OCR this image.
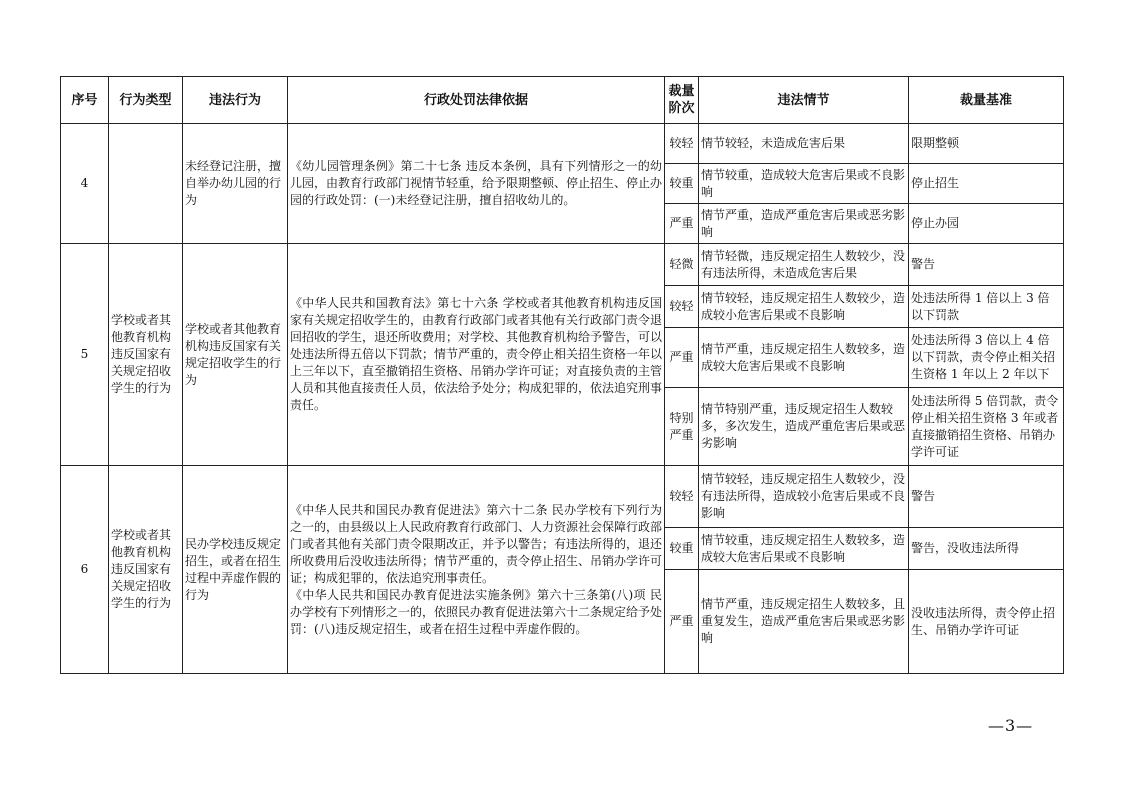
序号	行为类型	违法行为	行政处罚法律依据	裁量阶次	违法情节	裁量基准
4		未经登记注册，擅自举办幼儿园的行为	《幼儿园管理条例》第二十七条 违反本条例，具有下列情形之一的幼儿园，由教育行政部门视情节轻重，给予限期整顿、停止招生、停止办园的行政处罚：(一)未经登记注册，擅自招收幼儿的。	较轻	情节较轻，未造成危害后果	限期整顿
				较重	情节较重，造成较大危害后果或不良影响	停止招生
				严重	情节严重，造成严重危害后果或恶劣影响	停止办园
5	学校或者其他教育机构违反国家有关规定招收学生的行为	学校或者其他教育机构违反国家有关规定招收学生的行为	《中华人民共和国教育法》第七十六条 学校或者其他教育机构违反国家有关规定招收学生的，由教育行政部门或者其他有关行政部门责令退回招收的学生，退还所收费用；对学校、其他教育机构给予警告，可以处违法所得五倍以下罚款；情节严重的，责令停止相关招生资格一年以上三年以下，直至撤销招生资格、吊销办学许可证；对直接负责的主管人员和其他直接责任人员，依法给予处分；构成犯罪的，依法追究刑事责任。	轻微	情节轻微，违反规定招生人数较少，没有违法所得，未造成危害后果	警告
				较轻	情节较轻，违反规定招生人数较少，造成较小危害后果或不良影响	处违法所得 1 倍以上 3 倍以下罚款
				严重	情节严重，违反规定招生人数较多，造成较大危害后果或不良影响	处违法所得 3 倍以上 4 倍以下罚款，责令停止相关招生资格 1 年以上 2 年以下
				特别严重	情节特别严重，违反规定招生人数较多，多次发生，造成严重危害后果或恶劣影响	处违法所得 5 倍罚款，责令停止相关招生资格 3 年或者直接撤销招生资格、吊销办学许可证
6	学校或者其他教育机构违反国家有关规定招收学生的行为	民办学校违反规定招生，或者在招生过程中弄虚作假的行为	《中华人民共和国民办教育促进法》第六十二条 民办学校有下列行为之一的，由县级以上人民政府教育行政部门、人力资源社会保障行政部门或者其他有关部门责令限期改正，并予以警告；有违法所得的，退还所收费用后没收违法所得；情节严重的，责令停止招生、吊销办学许可证；构成犯罪的，依法追究刑事责任。
《中华人民共和国民办教育促进法实施条例》第六十三条第(八)项 民办学校有下列情形之一的，依照民办教育促进法第六十二条规定给予处罚：(八)违反规定招生，或者在招生过程中弄虚作假的。	较轻	情节较轻，违反规定招生人数较少，没有违法所得，造成较小危害后果或不良影响	警告
				较重	情节较重，违反规定招生人数较多，造成较大危害后果或不良影响	警告，没收违法所得
				严重	情节严重，违反规定招生人数较多，且重复发生，造成严重危害后果或恶劣影响	没收违法所得，责令停止招生、吊销办学许可证
—3—
